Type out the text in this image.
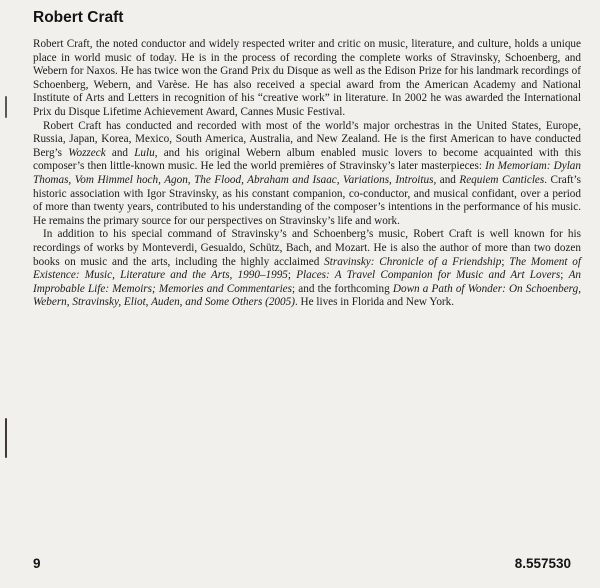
Robert Craft

Robert Craft, the noted conductor and widely respected writer and critic on music, literature, and culture, holds a unique place in world music of today. He is in the process of recording the complete works of Stravinsky, Schoenberg, and Webern for Naxos. He has twice won the Grand Prix du Disque as well as the Edison Prize for his landmark recordings of Schoenberg, Webern, and Varèse. He has also received a special award from the American Academy and National Institute of Arts and Letters in recognition of his “creative work” in literature. In 2002 he was awarded the International Prix du Disque Lifetime Achievement Award, Cannes Music Festival.

Robert Craft has conducted and recorded with most of the world’s major orchestras in the United States, Europe, Russia, Japan, Korea, Mexico, South America, Australia, and New Zealand. He is the first American to have conducted Berg’s Wozzeck and Lulu, and his original Webern album enabled music lovers to become acquainted with this composer’s then little-known music. He led the world premières of Stravinsky’s later masterpieces: In Memoriam: Dylan Thomas, Vom Himmel hoch, Agon, The Flood, Abraham and Isaac, Variations, Introitus, and Requiem Canticles. Craft’s historic association with Igor Stravinsky, as his constant companion, co-conductor, and musical confidant, over a period of more than twenty years, contributed to his understanding of the composer’s intentions in the performance of his music. He remains the primary source for our perspectives on Stravinsky’s life and work.

In addition to his special command of Stravinsky’s and Schoenberg’s music, Robert Craft is well known for his recordings of works by Monteverdi, Gesualdo, Schütz, Bach, and Mozart. He is also the author of more than two dozen books on music and the arts, including the highly acclaimed Stravinsky: Chronicle of a Friendship; The Moment of Existence: Music, Literature and the Arts, 1990–1995; Places: A Travel Companion for Music and Art Lovers; An Improbable Life: Memoirs; Memories and Commentaries; and the forthcoming Down a Path of Wonder: On Schoenberg, Webern, Stravinsky, Eliot, Auden, and Some Others (2005). He lives in Florida and New York.

9	8.557530
